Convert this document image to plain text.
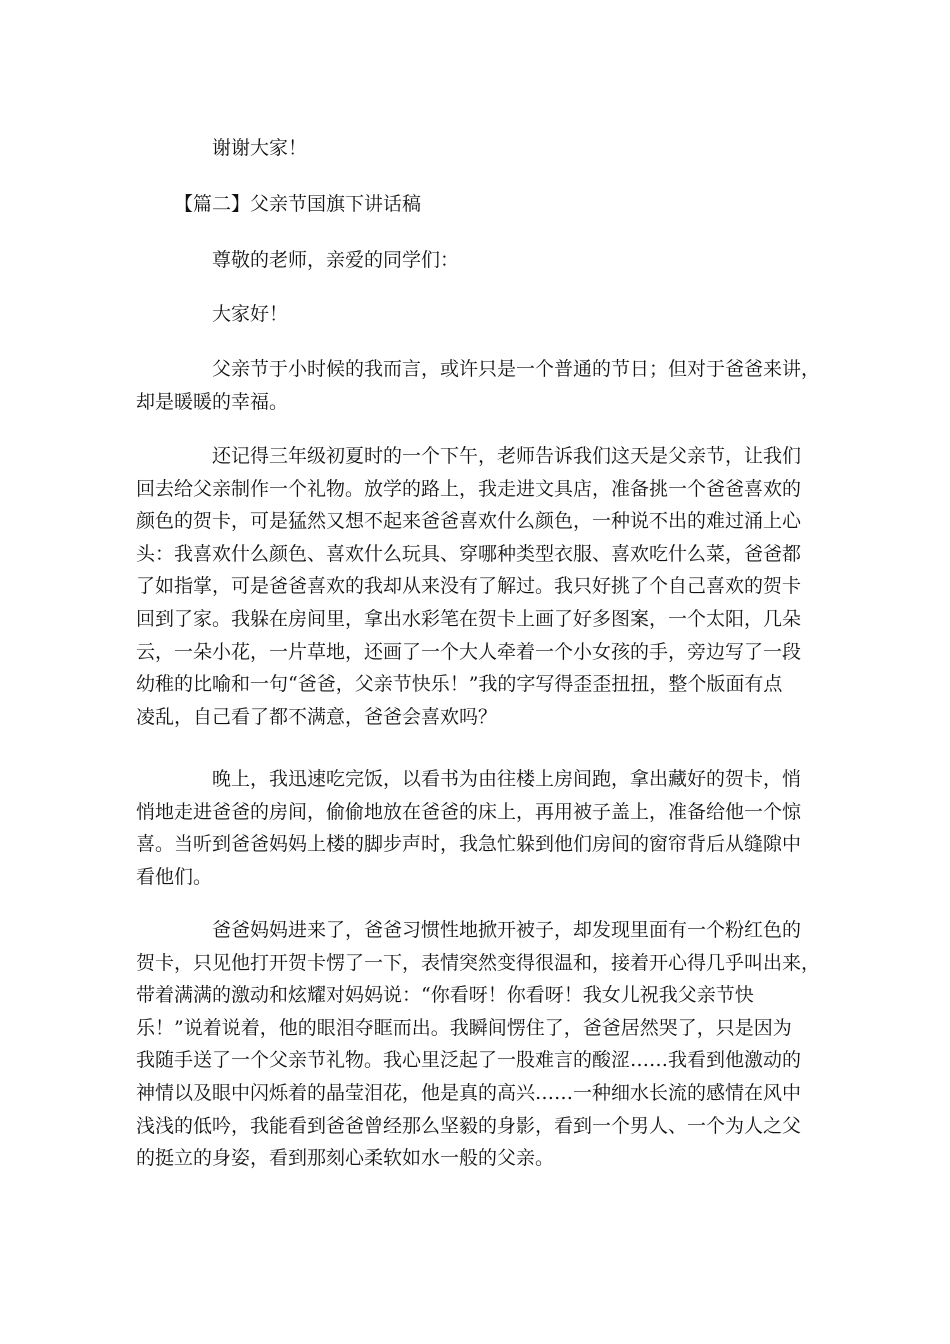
谢谢大家！

【篇二】父亲节国旗下讲话稿

尊敬的老师，亲爱的同学们：

大家好！

父亲节于小时候的我而言，或许只是一个普通的节日；但对于爸爸来讲，
却是暖暖的幸福。
还记得三年级初夏时的一个下午，老师告诉我们这天是父亲节，让我们
回去给父亲制作一个礼物。放学的路上，我走进文具店，准备挑一个爸爸喜欢的
颜色的贺卡，可是猛然又想不起来爸爸喜欢什么颜色，一种说不出的难过涌上心
头：我喜欢什么颜色、喜欢什么玩具、穿哪种类型衣服、喜欢吃什么菜，爸爸都
了如指掌，可是爸爸喜欢的我却从来没有了解过。我只好挑了个自己喜欢的贺卡
回到了家。我躲在房间里，拿出水彩笔在贺卡上画了好多图案，一个太阳，几朵
云，一朵小花，一片草地，还画了一个大人牵着一个小女孩的手，旁边写了一段
幼稚的比喻和一句“爸爸，父亲节快乐！”我的字写得歪歪扭扭，整个版面有点
凌乱，自己看了都不满意，爸爸会喜欢吗？
晚上，我迅速吃完饭，以看书为由往楼上房间跑，拿出藏好的贺卡，悄
悄地走进爸爸的房间，偷偷地放在爸爸的床上，再用被子盖上，准备给他一个惊
喜。当听到爸爸妈妈上楼的脚步声时，我急忙躲到他们房间的窗帘背后从缝隙中
看他们。
爸爸妈妈进来了，爸爸习惯性地掀开被子，却发现里面有一个粉红色的
贺卡，只见他打开贺卡愣了一下，表情突然变得很温和，接着开心得几乎叫出来，
带着满满的激动和炫耀对妈妈说：“你看呀！你看呀！我女儿祝我父亲节快
乐！”说着说着，他的眼泪夺眶而出。我瞬间愣住了，爸爸居然哭了，只是因为
我随手送了一个父亲节礼物。我心里泛起了一股难言的酸涩……我看到他激动的
神情以及眼中闪烁着的晶莹泪花，他是真的高兴……一种细水长流的感情在风中
浅浅的低吟，我能看到爸爸曾经那么坚毅的身影，看到一个男人、一个为人之父
的挺立的身姿，看到那刻心柔软如水一般的父亲。
